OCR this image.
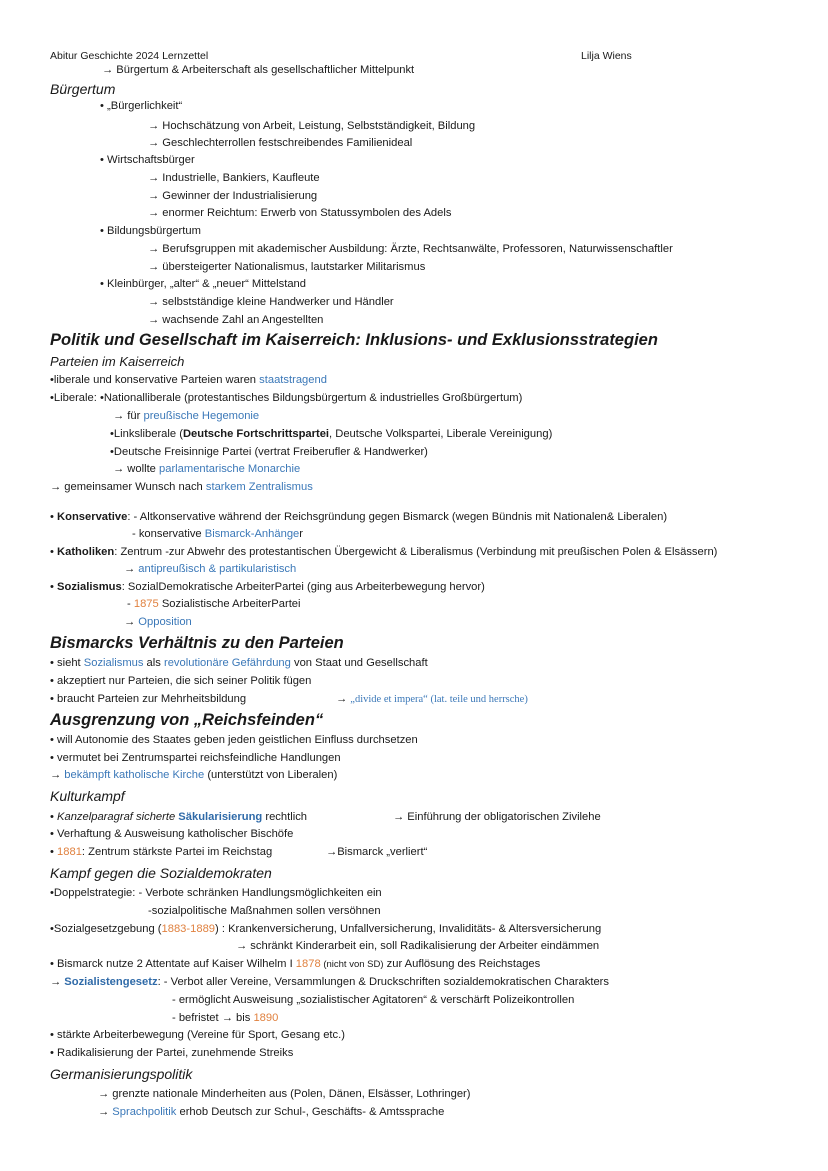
Abitur Geschichte 2024 Lernzettel	Lilja Wiens
→ Bürgertum & Arbeiterschaft als gesellschaftlicher Mittelpunkt
Bürgertum
• „Bürgerlichkeit“
→ Hochschätzung von Arbeit, Leistung, Selbstständigkeit, Bildung
→ Geschlechterrollen festschreibendes Familienideal
• Wirtschaftsbürger
→ Industrielle, Bankiers, Kaufleute
→ Gewinner der Industrialisierung
→ enormer Reichtum: Erwerb von Statussymbolen des Adels
• Bildungsbürgertum
→ Berufsgruppen mit akademischer Ausbildung: Ärzte, Rechtsanwälte, Professoren, Naturwissenschaftler
→ übersteigerter Nationalismus, lautstarker Militarismus
• Kleinbürger, „alter“ & „neuer“ Mittelstand
→ selbstständige kleine Handwerker und Händler
→ wachsende Zahl an Angestellten
Politik und Gesellschaft im Kaiserreich: Inklusions- und Exklusionsstrategien
Parteien im Kaiserreich
•liberale und konservative Parteien waren staatstragend
•Liberale: •Nationalliberale (protestantisches Bildungsbürgertum & industrielles Großbürgertum)
→ für preußische Hegemonie
•Linksliberale (Deutsche Fortschrittspartei, Deutsche Volkspartei, Liberale Vereinigung)
•Deutsche Freisinnige Partei (vertrat Freiberufler & Handwerker)
→ wollte parlamentarische Monarchie
→ gemeinsamer Wunsch nach starkem Zentralismus
• Konservative: - Altkonservative während der Reichsgründung gegen Bismarck (wegen Bündnis mit Nationalen& Liberalen)
- konservative Bismarck-Anhänger
• Katholiken: Zentrum -zur Abwehr des protestantischen Übergewicht & Liberalismus (Verbindung mit preußischen Polen & Elsässern)
→ antipreußisch & partikularistisch
• Sozialismus: SozialDemokratische ArbeiterPartei (ging aus Arbeiterbewegung hervor)
- 1875 Sozialistische ArbeiterPartei
→ Opposition
Bismarcks Verhältnis zu den Parteien
• sieht Sozialismus als revolutionäre Gefährdung von Staat und Gesellschaft
• akzeptiert nur Parteien, die sich seiner Politik fügen
• braucht Parteien zur Mehrheitsbildung	→ „divide et impera“ (lat. teile und herrsche)
Ausgrenzung von „Reichsfeinden“
• will Autonomie des Staates geben jeden geistlichen Einfluss durchsetzen
• vermutet bei Zentrumspartei reichsfeindliche Handlungen
→ bekämpft katholische Kirche (unterstützt von Liberalen)
Kulturkampf
• Kanzelparagraf sicherte Säkularisierung rechtlich	→ Einführung der obligatorischen Zivilehe
• Verhaftung & Ausweisung katholischer Bischöfe
• 1881: Zentrum stärkste Partei im Reichstag	→Bismarck „verliert“
Kampf gegen die Sozialdemokraten
•Doppelstrategie: - Verbote schränken Handlungsmöglichkeiten ein
-sozialpolitische Maßnahmen sollen versöhnen
•Sozialgesetzgebung (1883-1889) : Krankenversicherung, Unfallversicherung, Invaliditäts- & Altersversicherung
→ schränkt Kinderarbeit ein, soll Radikalisierung der Arbeiter eindämmen
• Bismarck nutze 2 Attentate auf Kaiser Wilhelm I 1878 (nicht von SD) zur Auflösung des Reichstages
→ Sozialistengesetz: - Verbot aller Vereine, Versammlungen & Druckschriften sozialdemokratischen Charakters
- ermöglicht Ausweisung „sozialistischer Agitatoren“ & verschärft Polizeikontrollen
- befristet → bis 1890
• stärkte Arbeiterbewegung (Vereine für Sport, Gesang etc.)
• Radikalisierung der Partei, zunehmende Streiks
Germanisierungspolitik
→ grenzte nationale Minderheiten aus (Polen, Dänen, Elsässer, Lothringer)
→ Sprachpolitik erhob Deutsch zur Schul-, Geschäfts- & Amtssprache
